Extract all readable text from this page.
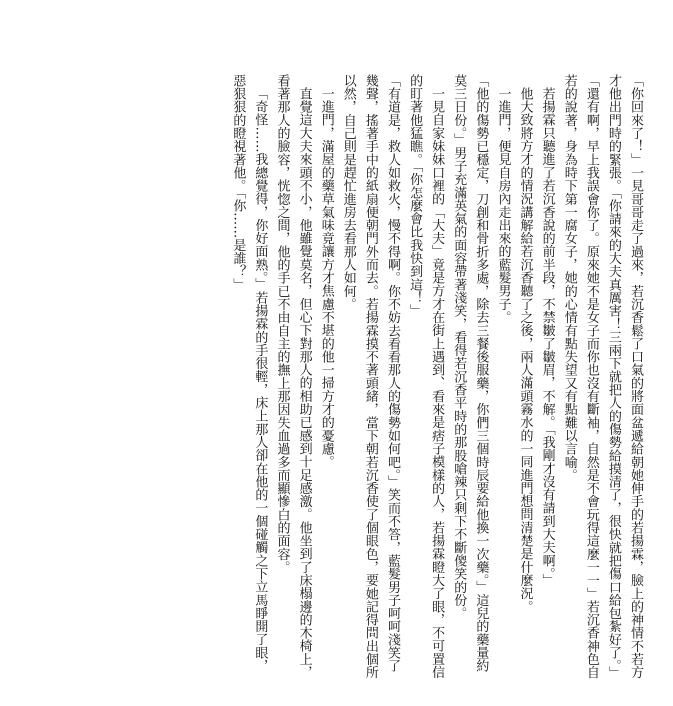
「你回來了！」一見哥哥走了過來，若沉香鬆了口氣的將面盆遞給朝她伸手的若揚霖，臉上的神情不若方才他出門時的緊張。「你請來的大夫真厲害！三兩下就把人的傷勢給摸清了，很快就把傷口給包紮好了。」

「還有啊，早上我誤會你了。原來她不是女子而你也沒有斷袖，自然是不會玩得這麼一一」若沉香神色自若的說著，身為時下第一腐女子，她的心情有點失望又有點難以言喻。

若揚霖只聽進了若沉香說的前半段，不禁皺了皺眉，不解。「我剛才沒有請到大夫啊。」

他大致將方才的情況講解給若沉香聽了之後，兩人滿頭霧水的一同進門想問清楚是什麼況。

一進門，便見自房內走出來的藍髮男子。

「他的傷勢已穩定，刀創和骨折多處，除去三餐後服藥，你們三個時辰要給他換一次藥。」這兒的藥量約莫三日份。」男子充滿英氣的面容帶著淺笑，看得若沉香平時的那股嗆辣只剩下不斷傻笑的份。

一見自家妹妹口裡的「大夫」竟是方才在街上遇到、看來是痞子模樣的人，若揚霖瞪大了眼，不可置信的盯著他猛瞧。「你怎麼會比我快到這！」

「有道是，救人如救火，慢不得啊。你不妨去看看那人的傷勢如何吧。」笑而不答，藍髮男子呵呵淺笑了幾聲，搖著手中的紙扇便朝門外而去。若揚霖摸不著頭緒，當下朝若沉香使了個眼色，要她記得問出個所以然，自己則是趕忙進房去看那人如何。

一進門，滿屋的藥草氣味竟讓方才焦慮不堪的他一掃方才的憂慮。

直覺這大夫來頭不小，他雖覺莫名，但心下對那人的相助已感到十足感激。他坐到了床榻邊的木椅上，看著那人的臉容，恍惚之間，他的手已不由自主的撫上那因失血過多而顯慘白的面容。

「奇怪……我總覺得，你好面熟。」若揚霖的手很輕，床上那人卻在他的一個碰觸之下立馬睜開了眼，惡狠狠的瞪視著他。「你……是誰？」
